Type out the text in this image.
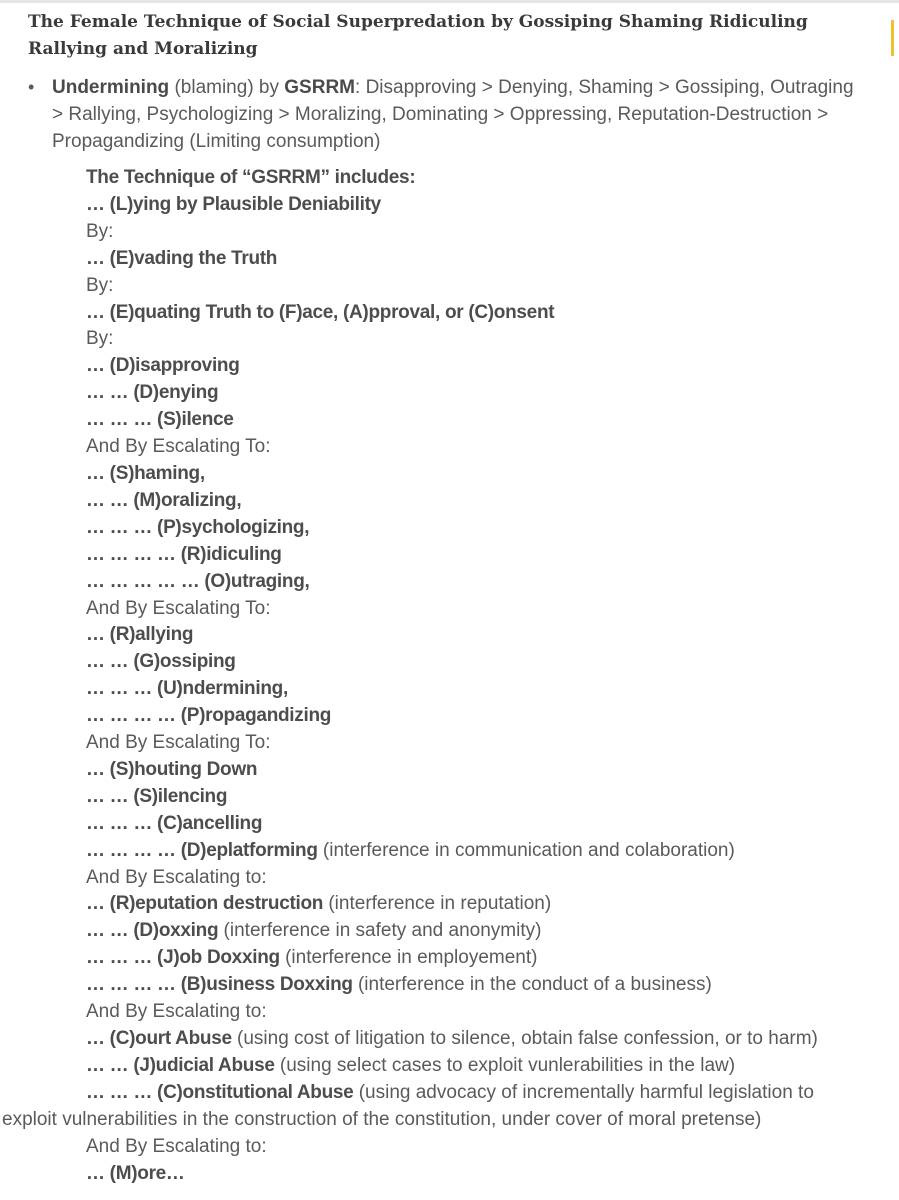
The Female Technique of Social Superpredation by Gossiping Shaming Ridiculing Rallying and Moralizing
• Undermining (blaming) by GSRRM: Disapproving > Denying, Shaming > Gossiping, Outraging > Rallying, Psychologizing > Moralizing, Dominating > Oppressing, Reputation-Destruction > Propagandizing (Limiting consumption)
The Technique of “GSRRM” includes:
… (L)ying by Plausible Deniability
By:
… (E)vading the Truth
By:
… (E)quating Truth to (F)ace, (A)pproval, or (C)onsent
By:
… (D)isapproving
… … (D)enying
… … … (S)ilence
And By Escalating To:
… (S)haming,
… … (M)oralizing,
… … … (P)sychologizing,
… … … … (R)idiculing
… … … … … (O)utraging,
And By Escalating To:
… (R)allying
… … (G)ossiping
… … … (U)ndermining,
… … … … (P)ropagandizing
And By Escalating To:
… (S)houting Down
… … (S)ilencing
… … … (C)ancelling
… … … … (D)eplatforming (interference in communication and colaboration)
And By Escalating to:
… (R)eputation destruction (interference in reputation)
… … (D)oxxing (interference in safety and anonymity)
… … … (J)ob Doxxing (interference in employement)
… … … … (B)usiness Doxxing (interference in the conduct of a business)
And By Escalating to:
… (C)ourt Abuse (using cost of litigation to silence, obtain false confession, or to harm)
… … (J)udicial Abuse (using select cases to exploit vunlerabilities in the law)
… … … (C)onstitutional Abuse (using advocacy of incrementally harmful legislation to
exploit vulnerabilities in the construction of the constitution, under cover of moral pretense)
And By Escalating to:
… (M)ore…
